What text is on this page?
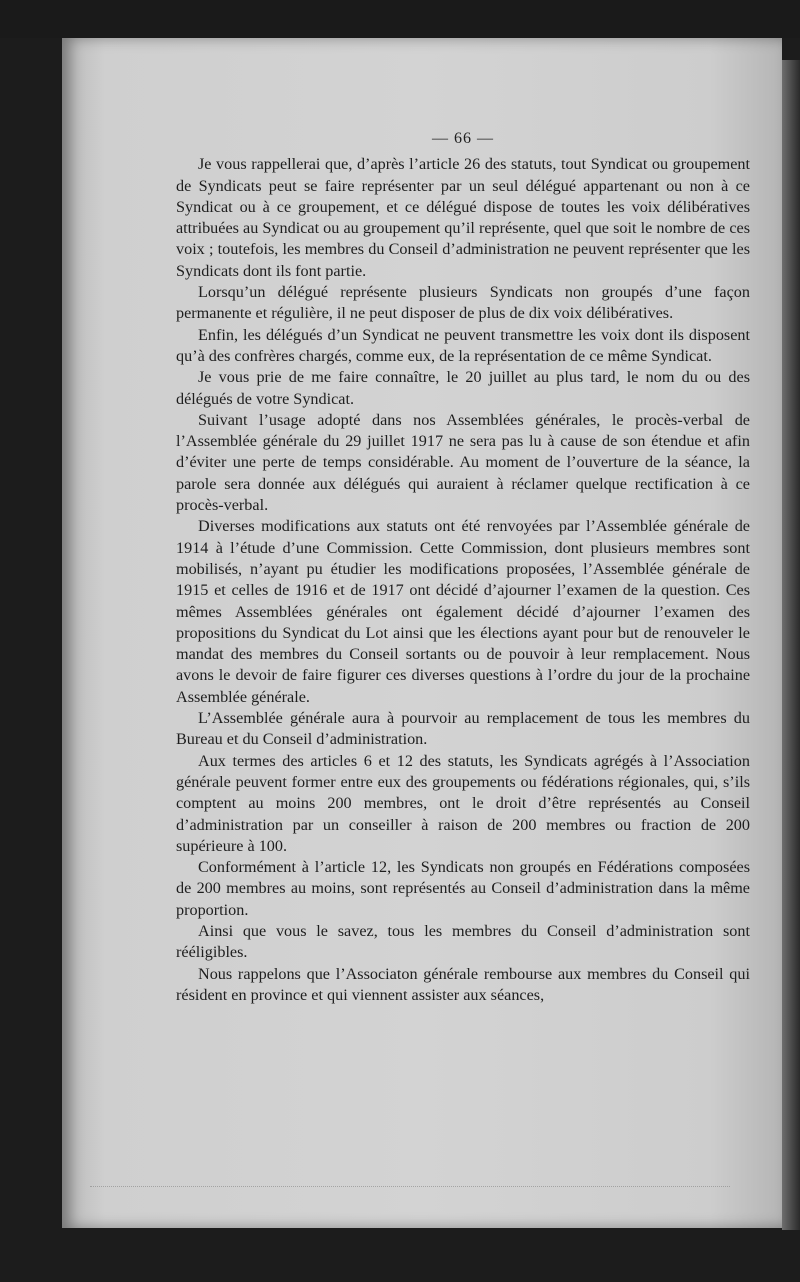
— 66 —

Je vous rappellerai que, d’après l’article 26 des statuts, tout Syndicat ou groupement de Syndicats peut se faire représenter par un seul délégué appartenant ou non à ce Syndicat ou à ce groupement, et ce délégué dispose de toutes les voix délibératives attribuées au Syndicat ou au groupement qu’il représente, quel que soit le nombre de ces voix ; toutefois, les membres du Conseil d’administration ne peuvent représenter que les Syndicats dont ils font partie.

Lorsqu’un délégué représente plusieurs Syndicats non groupés d’une façon permanente et régulière, il ne peut disposer de plus de dix voix délibératives.

Enfin, les délégués d’un Syndicat ne peuvent transmettre les voix dont ils disposent qu’à des confrères chargés, comme eux, de la représentation de ce même Syndicat.

Je vous prie de me faire connaître, le 20 juillet au plus tard, le nom du ou des délégués de votre Syndicat.

Suivant l’usage adopté dans nos Assemblées générales, le procès-verbal de l’Assemblée générale du 29 juillet 1917 ne sera pas lu à cause de son étendue et afin d’éviter une perte de temps considérable. Au moment de l’ouverture de la séance, la parole sera donnée aux délégués qui auraient à réclamer quelque rectification à ce procès-verbal.

Diverses modifications aux statuts ont été renvoyées par l’Assemblée générale de 1914 à l’étude d’une Commission. Cette Commission, dont plusieurs membres sont mobilisés, n’ayant pu étudier les modifications proposées, l’Assemblée générale de 1915 et celles de 1916 et de 1917 ont décidé d’ajourner l’examen de la question. Ces mêmes Assemblées générales ont également décidé d’ajourner l’examen des propositions du Syndicat du Lot ainsi que les élections ayant pour but de renouveler le mandat des membres du Conseil sortants ou de pouvoir à leur remplacement. Nous avons le devoir de faire figurer ces diverses questions à l’ordre du jour de la prochaine Assemblée générale.

L’Assemblée générale aura à pourvoir au remplacement de tous les membres du Bureau et du Conseil d’administration.

Aux termes des articles 6 et 12 des statuts, les Syndicats agrégés à l’Association générale peuvent former entre eux des groupements ou fédérations régionales, qui, s’ils comptent au moins 200 membres, ont le droit d’être représentés au Conseil d’administration par un conseiller à raison de 200 membres ou fraction de 200 supérieure à 100.

Conformément à l’article 12, les Syndicats non groupés en Fédérations composées de 200 membres au moins, sont représentés au Conseil d’administration dans la même proportion.

Ainsi que vous le savez, tous les membres du Conseil d’administration sont rééligibles.

Nous rappelons que l’Associaton générale rembourse aux membres du Conseil qui résident en province et qui viennent assister aux séances,
